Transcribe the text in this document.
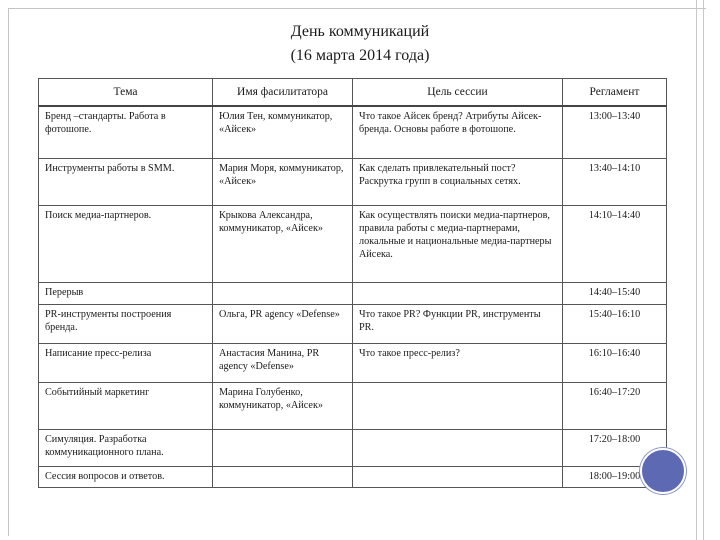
День коммуникаций
(16 марта 2014 года)
Тема	Имя фасилитатора	Цель сессии	Регламент
Бренд –стандарты. Работа в фотошопе.	Юлия Тен, коммуникатор, «Айсек»	Что такое Айсек бренд? Атрибуты Айсек-бренда. Основы работе в фотошопе.	13:00–13:40
Инструменты работы в SMM.	Мария Моря, коммуникатор, «Айсек»	Как сделать привлекательный пост? Раскрутка групп в социальных сетях.	13:40–14:10
Поиск медиа-партнеров.	Крыкова Александра, коммуникатор, «Айсек»	Как осуществлять поиски медиа-партнеров, правила работы с медиа-партнерами, локальные и национальные медиа-партнеры Айсека.	14:10–14:40
Перерыв			14:40–15:40
PR-инструменты построения бренда.	Ольга, PR agency «Defense»	Что такое PR? Функции PR, инструменты PR.	15:40–16:10
Написание пресс-релиза	Анастасия Манина, PR agency «Defense»	Что такое пресс-релиз?	16:10–16:40
Событийный маркетинг	Марина Голубенко, коммуникатор, «Айсек»		16:40–17:20
Симуляция. Разработка коммуникационного плана.			17:20–18:00
Сессия вопросов и ответов.			18:00–19:00
